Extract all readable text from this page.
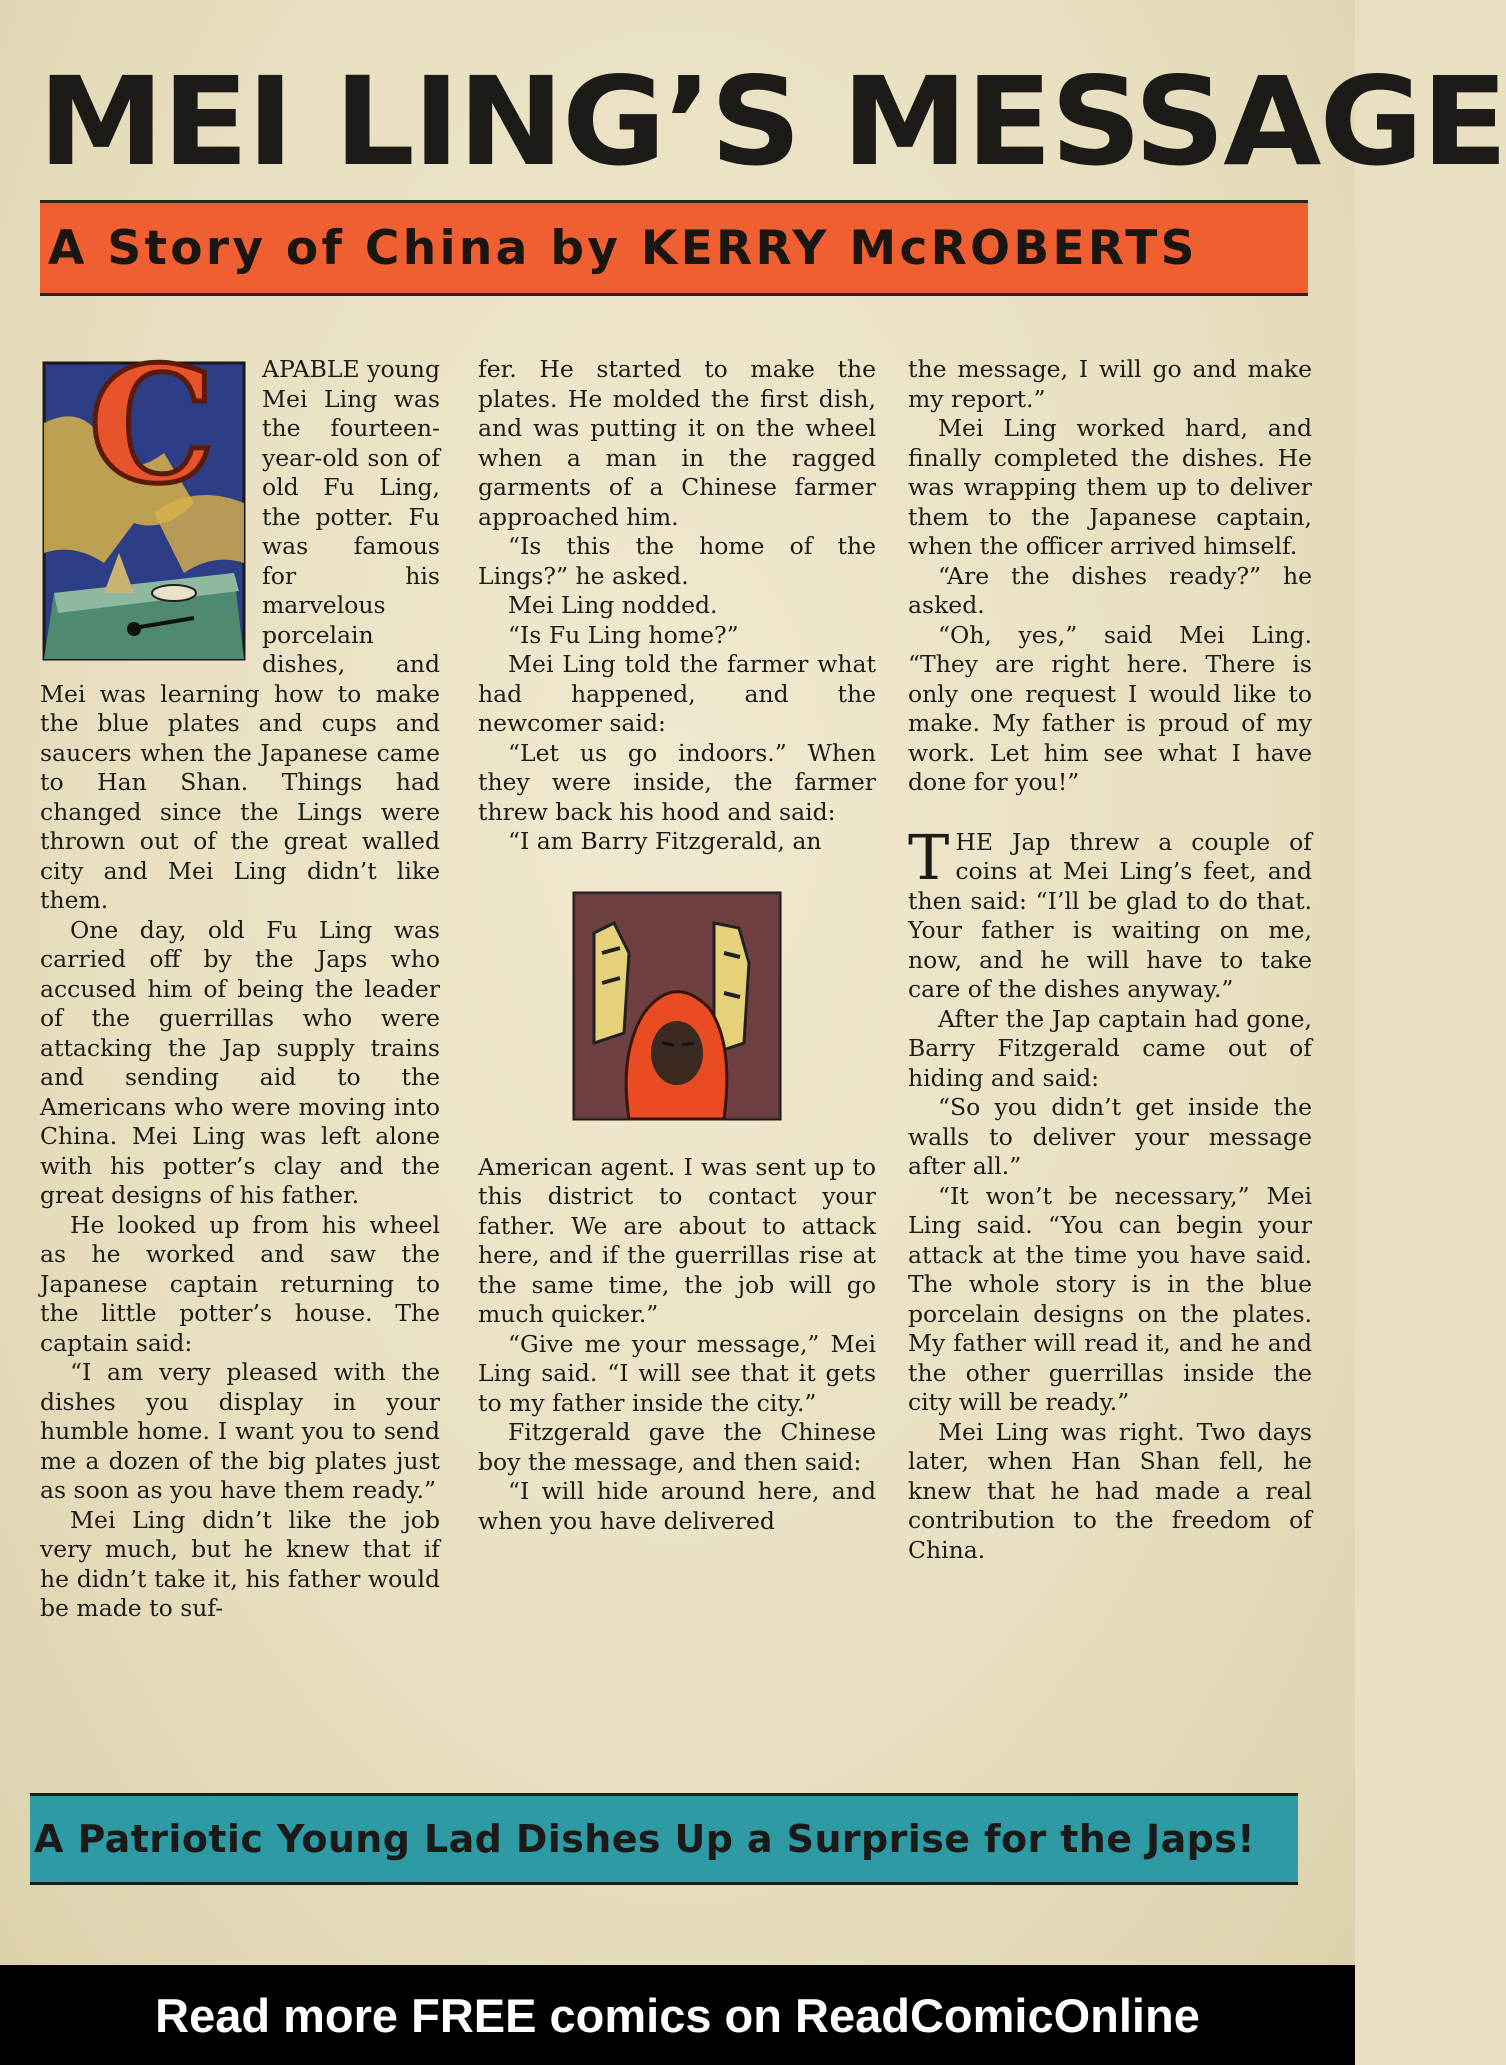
MEI LING’S MESSAGE
A Story of China by KERRY McROBERTS
C	APABLE young Mei Ling was the fourteen-year-old son of old Fu Ling, the potter. Fu was famous for his marvelous porcelain dishes, and Mei was learning how to make the blue plates and cups and saucers when the Japanese came to Han Shan. Things had changed since the Lings were thrown out of the great walled city and Mei Ling didn’t like them.

One day, old Fu Ling was carried off by the Japs who accused him of being the leader of the guerrillas who were attacking the Jap supply trains and sending aid to the Americans who were moving into China. Mei Ling was left alone with his potter’s clay and the great designs of his father.

He looked up from his wheel as he worked and saw the Japanese captain returning to the little potter’s house. The captain said:

“I am very pleased with the dishes you display in your humble home. I want you to send me a dozen of the big plates just as soon as you have them ready.”

Mei Ling didn’t like the job very much, but he knew that if he didn’t take it, his father would be made to suf-

fer. He started to make the plates. He molded the first dish, and was putting it on the wheel when a man in the ragged garments of a Chinese farmer approached him.

“Is this the home of the Lings?” he asked.

Mei Ling nodded.

“Is Fu Ling home?”

Mei Ling told the farmer what had happened, and the newcomer said:

“Let us go indoors.” When they were inside, the farmer threw back his hood and said:

“I am Barry Fitzgerald, an

American agent. I was sent up to this district to contact your father. We are about to attack here, and if the guerrillas rise at the same time, the job will go much quicker.”

“Give me your message,” Mei Ling said. “I will see that it gets to my father inside the city.”

Fitzgerald gave the Chinese boy the message, and then said:

“I will hide around here, and when you have delivered

the message, I will go and make my report.”

Mei Ling worked hard, and finally completed the dishes. He was wrapping them up to deliver them to the Japanese captain, when the officer arrived himself.

“Are the dishes ready?” he asked.

“Oh, yes,” said Mei Ling. “They are right here. There is only one request I would like to make. My father is proud of my work. Let him see what I have done for you!”

THE Jap threw a couple of coins at Mei Ling’s feet, and then said: “I’ll be glad to do that. Your father is waiting on me, now, and he will have to take care of the dishes anyway.”

After the Jap captain had gone, Barry Fitzgerald came out of hiding and said:

“So you didn’t get inside the walls to deliver your message after all.”

“It won’t be necessary,” Mei Ling said. “You can begin your attack at the time you have said. The whole story is in the blue porcelain designs on the plates. My father will read it, and he and the other guerrillas inside the city will be ready.”

Mei Ling was right. Two days later, when Han Shan fell, he knew that he had made a real contribution to the freedom of China.

A Patriotic Young Lad Dishes Up a Surprise for the Japs!
Read more FREE comics on ReadComicOnline
